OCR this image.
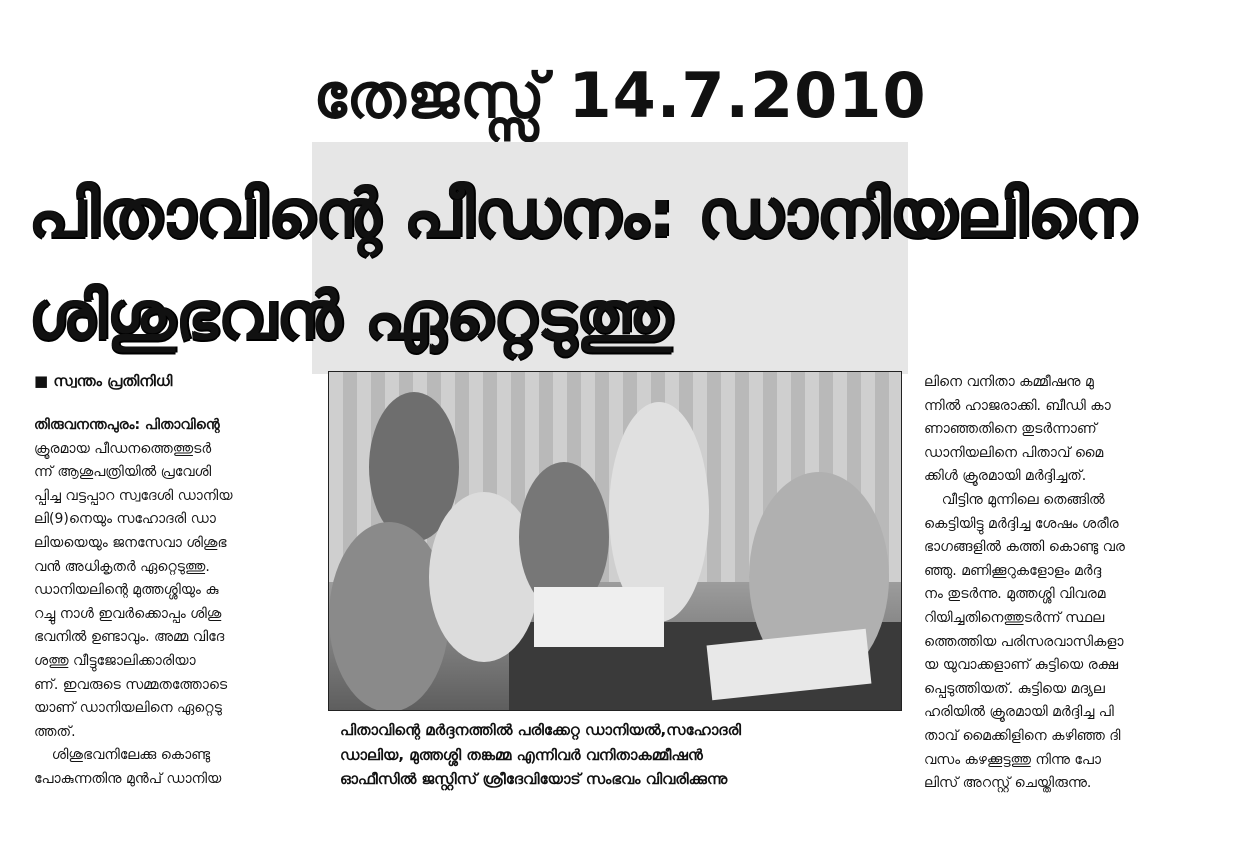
തേജസ്സ് 14.7.2010
പിതാവിന്റെ പീഡനം: ഡാനിയലിനെ
ശിശുഭവന്‍ ഏറ്റെടുത്തു
■ സ്വന്തം പ്രതിനിധി
തിരുവനന്തപുരം: പിതാവിന്റെ
ക്രൂരമായ പീഡനത്തെത്തുടര്‍
ന്ന് ആശുപത്രിയില്‍ പ്രവേശി
പ്പിച്ച വട്ടപ്പാറ സ്വദേശി ഡാനിയ
ലി(9)നെയും സഹോദരി ഡാ
ലിയയെയും ജനസേവാ ശിശുഭ
വന്‍ അധികൃതര്‍ ഏറ്റെടുത്തു.
ഡാനിയലിന്റെ മുത്തശ്ശിയും കു
റച്ചു നാള്‍ ഇവര്‍ക്കൊപ്പം ശിശു
ഭവനില്‍ ഉണ്ടാവും. അമ്മ വിദേ
ശത്തു വീട്ടുജോലിക്കാരിയാ
ണ്. ഇവരുടെ സമ്മതത്തോടെ
യാണ് ഡാനിയലിനെ ഏറ്റെടു
ത്തത്.
ശിശുഭവനിലേക്കു കൊണ്ടു
പോകുന്നതിനു മുന്‍പ് ഡാനിയ
പിതാവിന്റെ മര്‍ദ്ദനത്തില്‍ പരിക്കേറ്റ ഡാനിയല്‍,സഹോദരി
ഡാലിയ, മുത്തശ്ശി തങ്കമ്മ എന്നിവര്‍ വനിതാകമ്മീഷന്‍
ഓഫീസില്‍ ജസ്റ്റിസ് ശ്രീദേവിയോട് സംഭവം വിവരിക്കുന്നു
ലിനെ വനിതാ കമ്മീഷനു മു
ന്നില്‍ ഹാജരാക്കി. ബീഡി കാ
ണാഞ്ഞതിനെ തുടര്‍ന്നാണ്
ഡാനിയലിനെ പിതാവ് മൈ
ക്കിള്‍ ക്രൂരമായി മര്‍ദ്ദിച്ചത്.
വീട്ടിനു മുന്നിലെ തെങ്ങില്‍
കെട്ടിയിട്ടു മര്‍ദ്ദിച്ച ശേഷം ശരീര
ഭാഗങ്ങളില്‍ കത്തി കൊണ്ടു വര
ഞ്ഞു. മണിക്കൂറുകളോളം മര്‍ദ്ദ
നം തുടര്‍ന്നു. മുത്തശ്ശി വിവരമ
റിയിച്ചതിനെത്തുടര്‍ന്ന് സ്ഥല
ത്തെത്തിയ പരിസരവാസികളാ
യ യുവാക്കളാണ് കുട്ടിയെ രക്ഷ
പ്പെടുത്തിയത്. കുട്ടിയെ മദ്യല
ഹരിയില്‍ ക്രൂരമായി മര്‍ദ്ദിച്ച പി
താവ് മൈക്കിളിനെ കഴിഞ്ഞ ദി
വസം കഴക്കൂട്ടത്തു നിന്നു പോ
ലിസ് അറസ്റ്റ് ചെയ്തിരുന്നു.
